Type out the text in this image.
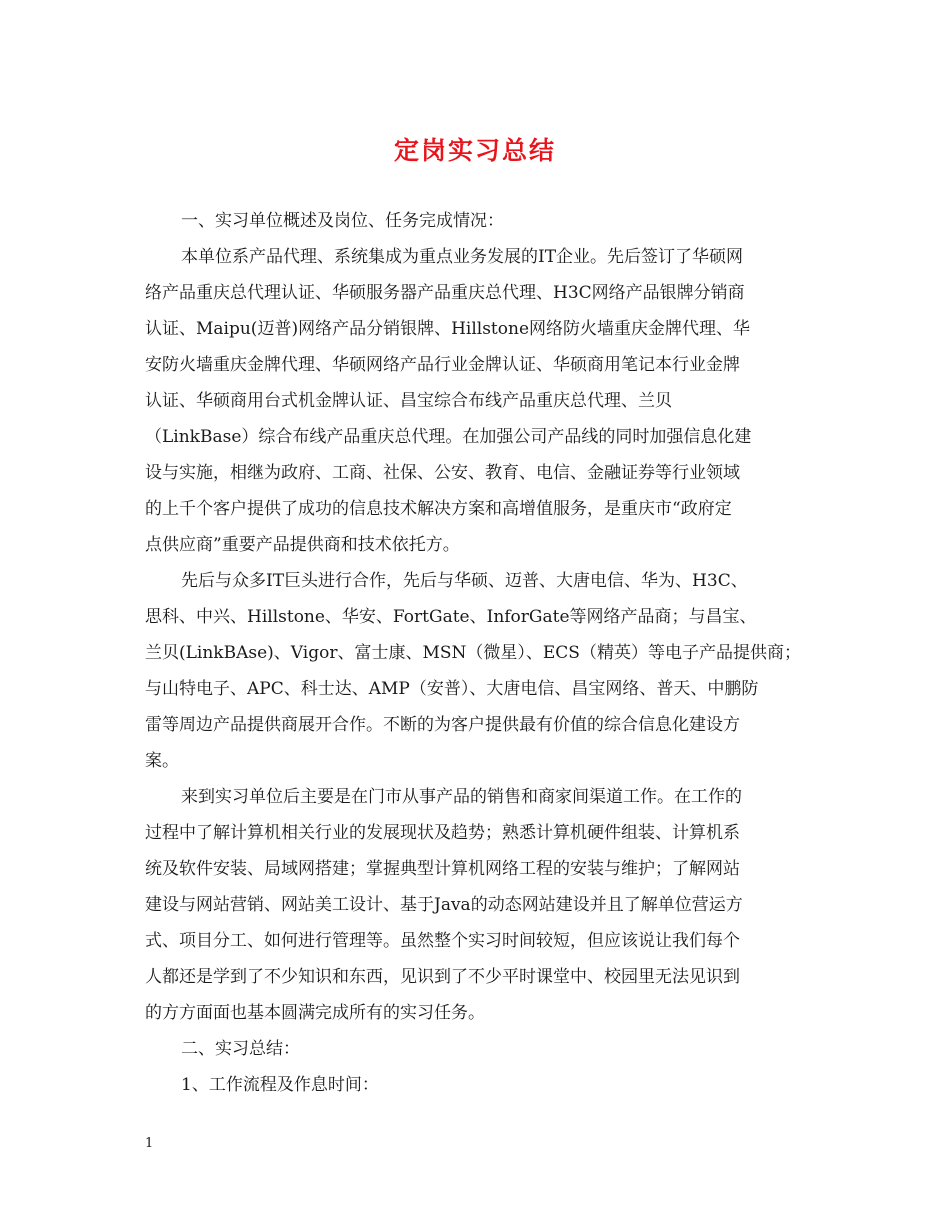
定岗实习总结
一、实习单位概述及岗位、任务完成情况：
本单位系产品代理、系统集成为重点业务发展的IT企业。先后签订了华硕网
络产品重庆总代理认证、华硕服务器产品重庆总代理、H3C网络产品银牌分销商
认证、Maipu(迈普)网络产品分销银牌、Hillstone网络防火墙重庆金牌代理、华
安防火墙重庆金牌代理、华硕网络产品行业金牌认证、华硕商用笔记本行业金牌
认证、华硕商用台式机金牌认证、昌宝综合布线产品重庆总代理、兰贝
（LinkBase）综合布线产品重庆总代理。在加强公司产品线的同时加强信息化建
设与实施，相继为政府、工商、社保、公安、教育、电信、金融证券等行业领域
的上千个客户提供了成功的信息技术解决方案和高增值服务，是重庆市“政府定
点供应商”重要产品提供商和技术依托方。
先后与众多IT巨头进行合作，先后与华硕、迈普、大唐电信、华为、H3C、
思科、中兴、Hillstone、华安、FortGate、InforGate等网络产品商；与昌宝、
兰贝(LinkBAse)、Vigor、富士康、MSN（微星）、ECS（精英）等电子产品提供商；
与山特电子、APC、科士达、AMP（安普）、大唐电信、昌宝网络、普天、中鹏防
雷等周边产品提供商展开合作。不断的为客户提供最有价值的综合信息化建设方
案。
来到实习单位后主要是在门市从事产品的销售和商家间渠道工作。在工作的
过程中了解计算机相关行业的发展现状及趋势；熟悉计算机硬件组装、计算机系
统及软件安装、局域网搭建；掌握典型计算机网络工程的安装与维护；了解网站
建设与网站营销、网站美工设计、基于Java的动态网站建设并且了解单位营运方
式、项目分工、如何进行管理等。虽然整个实习时间较短，但应该说让我们每个
人都还是学到了不少知识和东西，见识到了不少平时课堂中、校园里无法见识到
的方方面面也基本圆满完成所有的实习任务。
二、实习总结：
1、工作流程及作息时间：
1
